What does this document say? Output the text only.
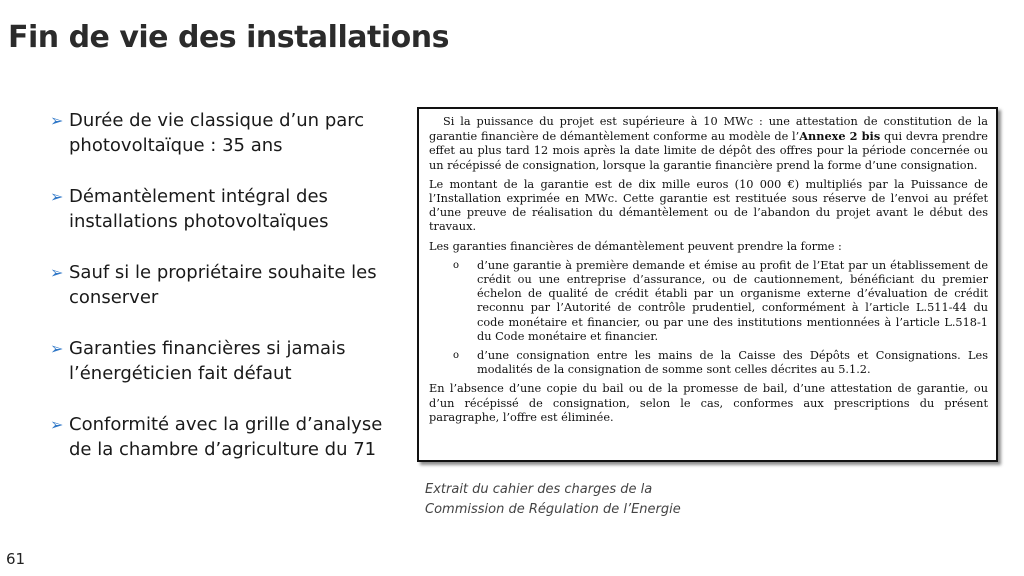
Fin de vie des installations
➢ Durée de vie classique d’un parc photovoltaïque : 35 ans
➢ Démantèlement intégral des installations photovoltaïques
➢ Sauf si le propriétaire souhaite les conserver
➢ Garanties financières si jamais l’énergéticien fait défaut
➢ Conformité avec la grille d’analyse de la chambre d’agriculture du 71

Si la puissance du projet est supérieure à 10 MWc : une attestation de constitution de la garantie financière de démantèlement conforme au modèle de l’Annexe 2 bis qui devra prendre effet au plus tard 12 mois après la date limite de dépôt des offres pour la période concernée ou un récépissé de consignation, lorsque la garantie financière prend la forme d’une consignation.

Le montant de la garantie est de dix mille euros (10 000 €) multipliés par la Puissance de l’Installation exprimée en MWc. Cette garantie est restituée sous réserve de l’envoi au préfet d’une preuve de réalisation du démantèlement ou de l’abandon du projet avant le début des travaux.

Les garanties financières de démantèlement peuvent prendre la forme :

o d’une garantie à première demande et émise au profit de l’Etat par un établissement de crédit ou une entreprise d’assurance, ou de cautionnement, bénéficiant du premier échelon de qualité de crédit établi par un organisme externe d’évaluation de crédit reconnu par l’Autorité de contrôle prudentiel, conformément à l’article L.511-44 du code monétaire et financier, ou par une des institutions mentionnées à l’article L.518-1 du Code monétaire et financier.
o d’une consignation entre les mains de la Caisse des Dépôts et Consignations. Les modalités de la consignation de somme sont celles décrites au 5.1.2.

En l’absence d’une copie du bail ou de la promesse de bail, d’une attestation de garantie, ou d’un récépissé de consignation, selon le cas, conformes aux prescriptions du présent paragraphe, l’offre est éliminée.

Extrait du cahier des charges de la
Commission de Régulation de l’Energie
61
